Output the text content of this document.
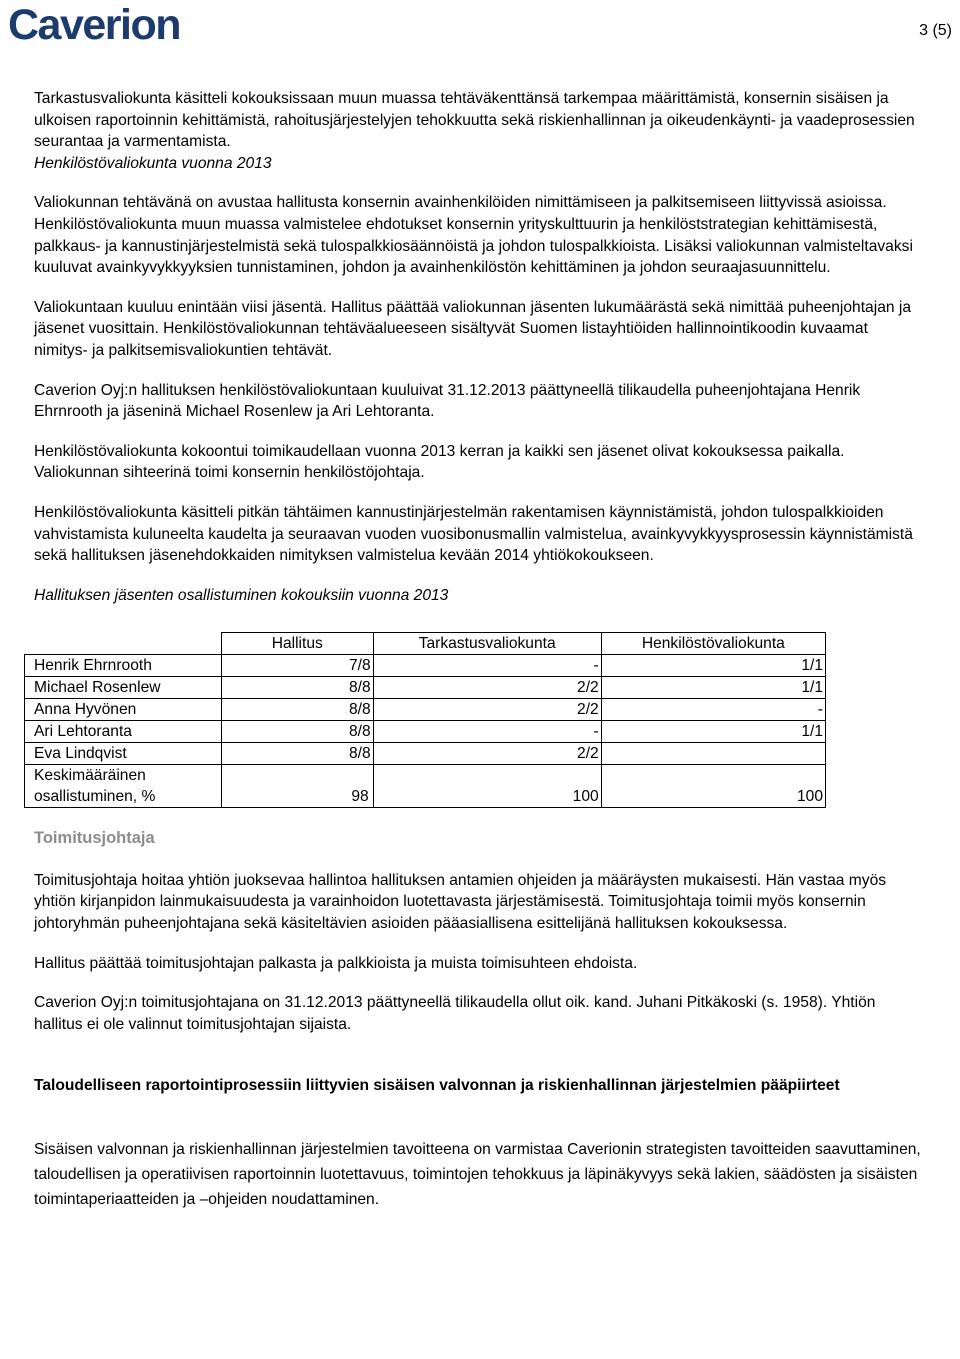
Caverion	3 (5)

Tarkastusvaliokunta käsitteli kokouksissaan muun muassa tehtäväkenttänsä tarkempaa määrittämistä, konsernin sisäisen ja ulkoisen raportoinnin kehittämistä, rahoitusjärjestelyjen tehokkuutta sekä riskienhallinnan ja oikeudenkäynti- ja vaadeprosessien seurantaa ja varmentamista.

Henkilöstövaliokunta vuonna 2013

Valiokunnan tehtävänä on avustaa hallitusta konsernin avainhenkilöiden nimittämiseen ja palkitsemiseen liittyvissä asioissa. Henkilöstövaliokunta muun muassa valmistelee ehdotukset konsernin yrityskulttuurin ja henkilöststrategian kehittämisestä, palkkaus- ja kannustinjärjestelmistä sekä tulospalkkiosäännöistä ja johdon tulospalkkioista. Lisäksi valiokunnan valmisteltavaksi kuuluvat avainkyvykkyyksien tunnistaminen, johdon ja avainhenkilöstön kehittäminen ja johdon seuraajasuunnittelu.

Valiokuntaan kuuluu enintään viisi jäsentä. Hallitus päättää valiokunnan jäsenten lukumäärästä sekä nimittää puheenjohtajan ja jäsenet vuosittain. Henkilöstövaliokunnan tehtäväalueeseen sisältyvät Suomen listayhtiöiden hallinnointikoodin kuvaamat nimitys- ja palkitsemisvaliokuntien tehtävät.

Caverion Oyj:n hallituksen henkilöstövaliokuntaan kuuluivat 31.12.2013 päättyneellä tilikaudella puheenjohtajana Henrik Ehrnrooth ja jäseninä Michael Rosenlew ja Ari Lehtoranta.

Henkilöstövaliokunta kokoontui toimikaudellaan vuonna 2013 kerran ja kaikki sen jäsenet olivat kokouksessa paikalla. Valiokunnan sihteerinä toimi konsernin henkilöstöjohtaja.

Henkilöstövaliokunta käsitteli pitkän tähtäimen kannustinjärjestelmän rakentamisen käynnistämistä, johdon tulospalkkioiden vahvistamista kuluneelta kaudelta ja seuraavan vuoden vuosibonusmallin valmistelua, avainkyvykkyysprosessin käynnistämistä sekä hallituksen jäsenehdokkaiden nimityksen valmistelua kevään 2014 yhtiökokoukseen.

Hallituksen jäsenten osallistuminen kokouksiin vuonna 2013

	Hallitus	Tarkastusvaliokunta	Henkilöstövaliokunta
Henrik Ehrnrooth	7/8	-	1/1
Michael Rosenlew	8/8	2/2	1/1
Anna Hyvönen	8/8	2/2	-
Ari Lehtoranta	8/8	-	1/1
Eva Lindqvist	8/8	2/2	
Keskimääräinen
osallistuminen, %	98	100	100

Toimitusjohtaja

Toimitusjohtaja hoitaa yhtiön juoksevaa hallintoa hallituksen antamien ohjeiden ja määräysten mukaisesti. Hän vastaa myös yhtiön kirjanpidon lainmukaisuudesta ja varainhoidon luotettavasta järjestämisestä. Toimitusjohtaja toimii myös konsernin johtoryhmän puheenjohtajana sekä käsiteltävien asioiden pääasiallisena esittelijänä hallituksen kokouksessa.

Hallitus päättää toimitusjohtajan palkasta ja palkkioista ja muista toimisuhteen ehdoista.

Caverion Oyj:n toimitusjohtajana on 31.12.2013 päättyneellä tilikaudella ollut oik. kand. Juhani Pitkäkoski (s. 1958). Yhtiön hallitus ei ole valinnut toimitusjohtajan sijaista.

Taloudelliseen raportointiprosessiin liittyvien sisäisen valvonnan ja riskienhallinnan järjestelmien pääpiirteet

Sisäisen valvonnan ja riskienhallinnan järjestelmien tavoitteena on varmistaa Caverionin strategisten tavoitteiden saavuttaminen, taloudellisen ja operatiivisen raportoinnin luotettavuus, toimintojen tehokkuus ja läpinäkyvyys sekä lakien, säädösten ja sisäisten toimintaperiaatteiden ja –ohjeiden noudattaminen.
